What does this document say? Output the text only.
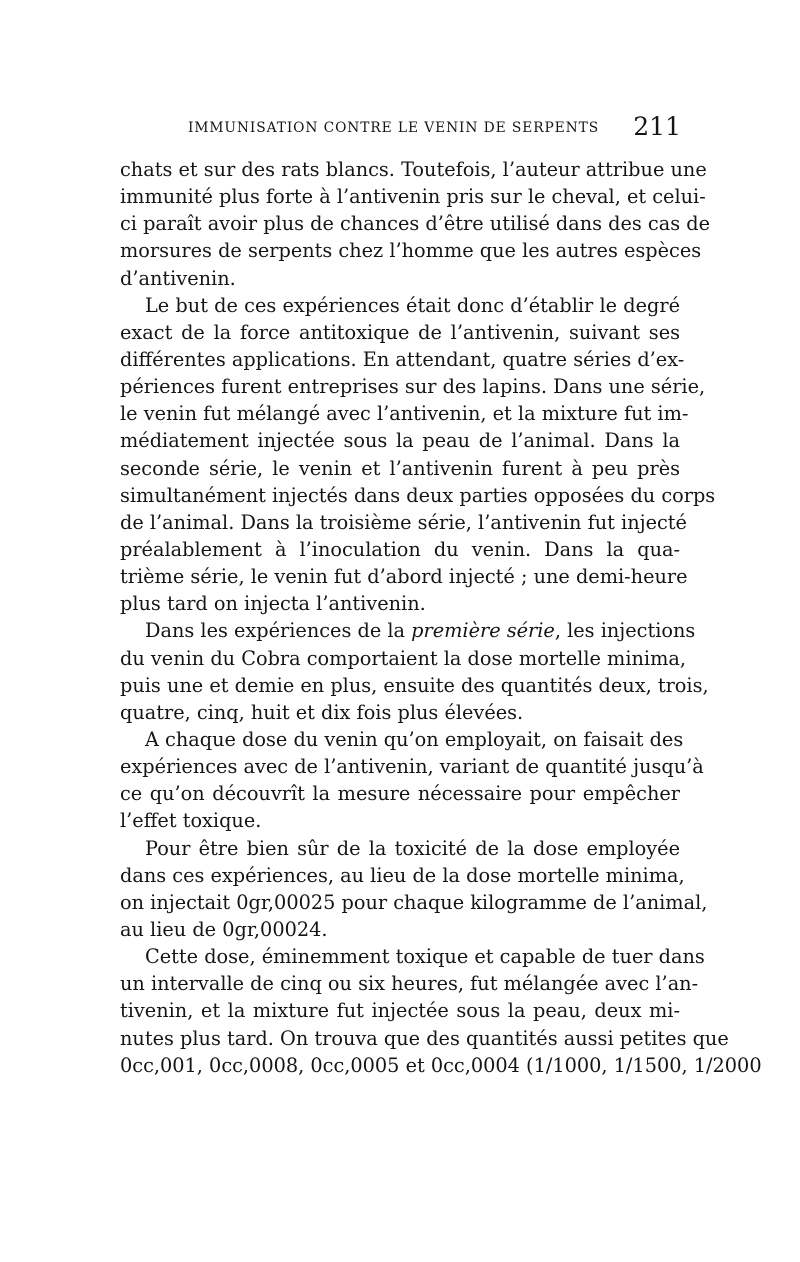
IMMUNISATION CONTRE LE VENIN DE SERPENTS 211
chats et sur des rats blancs. Toutefois, l’auteur attribue une
immunité plus forte à l’antivenin pris sur le cheval, et celui-
ci paraît avoir plus de chances d’être utilisé dans des cas de
morsures de serpents chez l’homme que les autres espèces
d’antivenin.
Le but de ces expériences était donc d’établir le degré
exact de la force antitoxique de l’antivenin, suivant ses
différentes applications. En attendant, quatre séries d’ex-
périences furent entreprises sur des lapins. Dans une série,
le venin fut mélangé avec l’antivenin, et la mixture fut im-
médiatement injectée sous la peau de l’animal. Dans la
seconde série, le venin et l’antivenin furent à peu près
simultanément injectés dans deux parties opposées du corps
de l’animal. Dans la troisième série, l’antivenin fut injecté
préalablement à l’inoculation du venin. Dans la qua-
trième série, le venin fut d’abord injecté ; une demi-heure
plus tard on injecta l’antivenin.
Dans les expériences de la première série, les injections
du venin du Cobra comportaient la dose mortelle minima,
puis une et demie en plus, ensuite des quantités deux, trois,
quatre, cinq, huit et dix fois plus élevées.
A chaque dose du venin qu’on employait, on faisait des
expériences avec de l’antivenin, variant de quantité jusqu’à
ce qu’on découvrît la mesure nécessaire pour empêcher
l’effet toxique.
Pour être bien sûr de la toxicité de la dose employée
dans ces expériences, au lieu de la dose mortelle minima,
on injectait 0gr,00025 pour chaque kilogramme de l’animal,
au lieu de 0gr,00024.
Cette dose, éminemment toxique et capable de tuer dans
un intervalle de cinq ou six heures, fut mélangée avec l’an-
tivenin, et la mixture fut injectée sous la peau, deux mi-
nutes plus tard. On trouva que des quantités aussi petites que
0cc,001, 0cc,0008, 0cc,0005 et 0cc,0004 (1/1000, 1/1500, 1/2000
